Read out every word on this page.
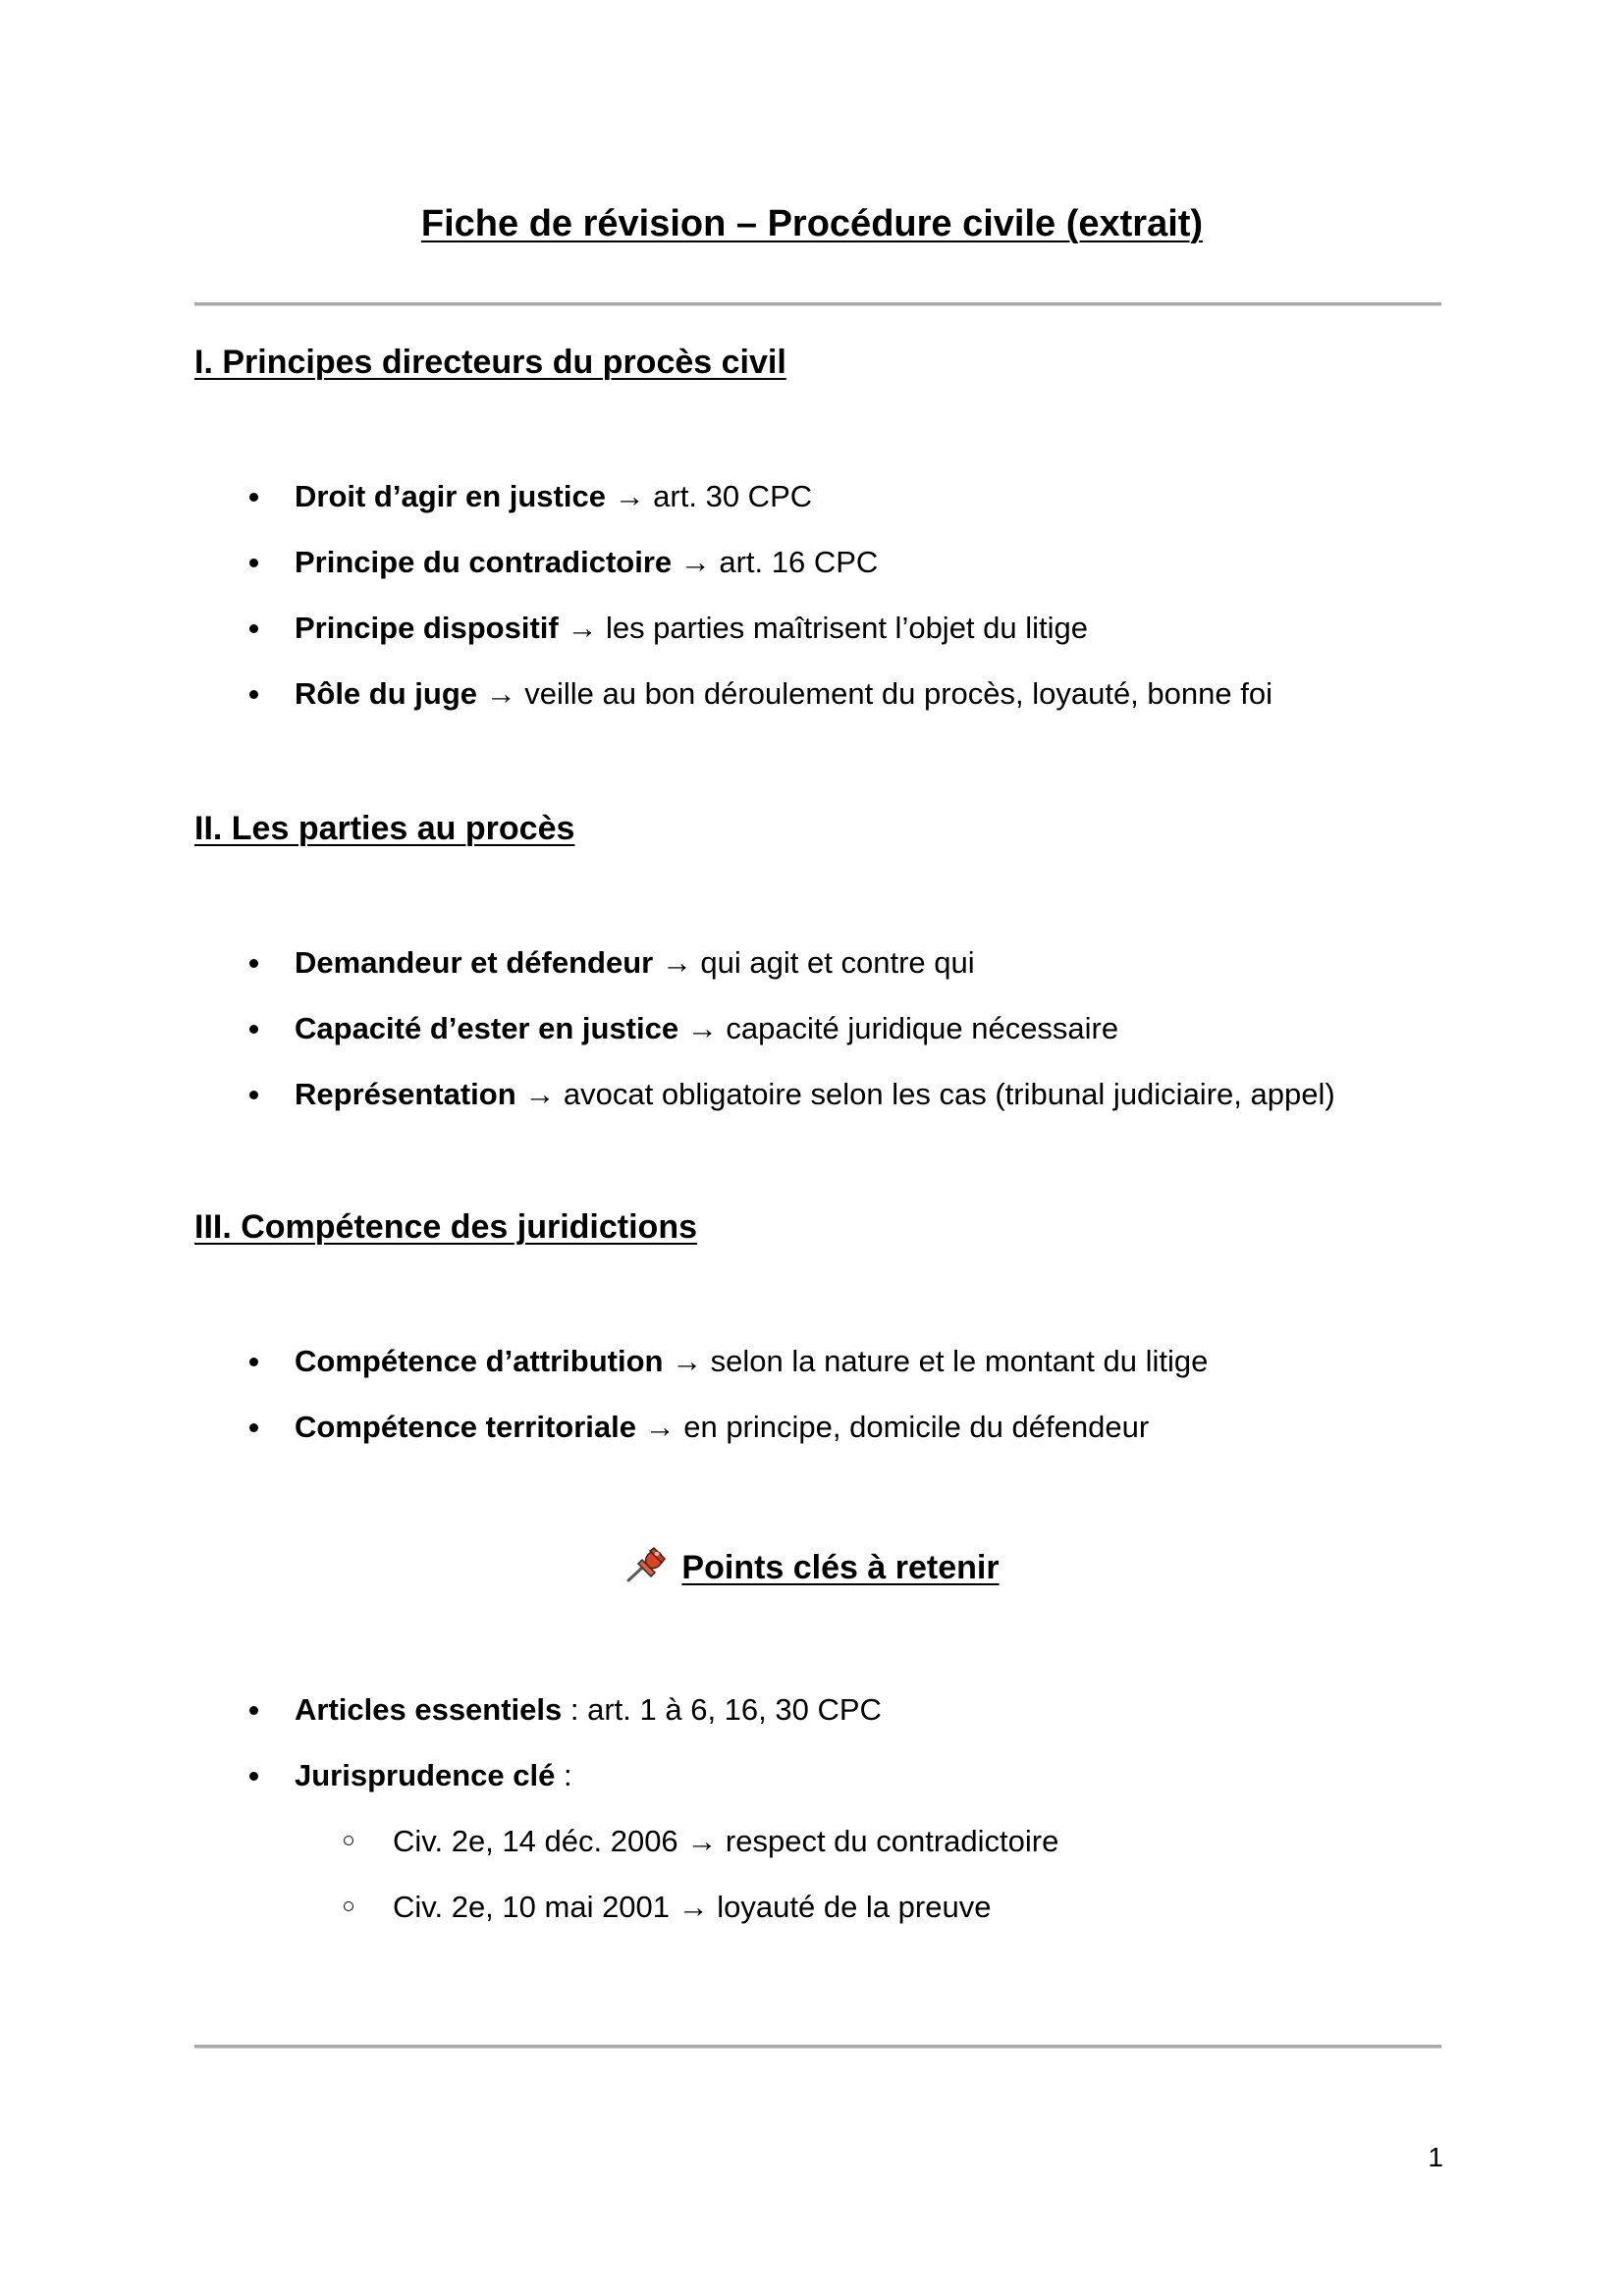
Fiche de révision – Procédure civile (extrait)
I. Principes directeurs du procès civil
Droit d’agir en justice → art. 30 CPC
Principe du contradictoire → art. 16 CPC
Principe dispositif → les parties maîtrisent l’objet du litige
Rôle du juge → veille au bon déroulement du procès, loyauté, bonne foi
II. Les parties au procès
Demandeur et défendeur → qui agit et contre qui
Capacité d’ester en justice → capacité juridique nécessaire
Représentation → avocat obligatoire selon les cas (tribunal judiciaire, appel)
III. Compétence des juridictions
Compétence d’attribution → selon la nature et le montant du litige
Compétence territoriale → en principe, domicile du défendeur
Points clés à retenir
Articles essentiels : art. 1 à 6, 16, 30 CPC
Jurisprudence clé :
Civ. 2e, 14 déc. 2006 → respect du contradictoire
Civ. 2e, 10 mai 2001 → loyauté de la preuve
1
